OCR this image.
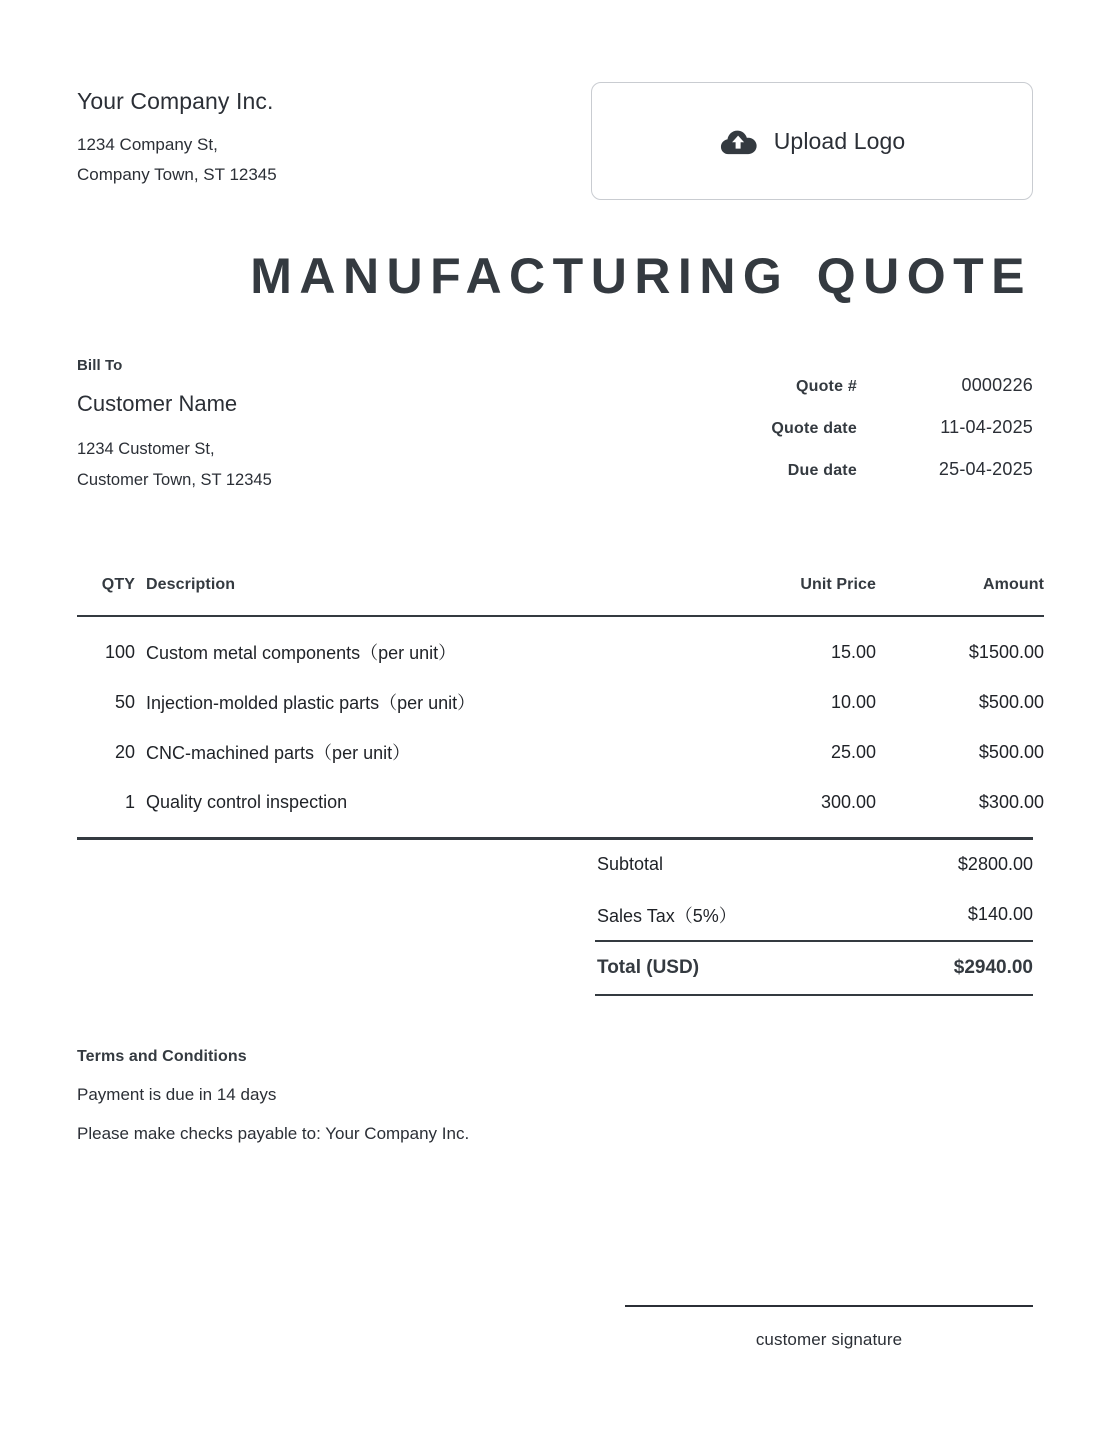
Your Company Inc.
1234 Company St,
Company Town, ST 12345
Upload Logo
MANUFACTURING QUOTE
Bill To
Customer Name
1234 Customer St,
Customer Town, ST 12345
Quote #	0000226
Quote date	11-04-2025
Due date	25-04-2025
QTY	Description	Unit Price	Amount
100	Custom metal components（per unit）	15.00	$1500.00
50	Injection-molded plastic parts（per unit）	10.00	$500.00
20	CNC-machined parts（per unit）	25.00	$500.00
1	Quality control inspection	300.00	$300.00
Subtotal	$2800.00
Sales Tax（5%）	$140.00
Total (USD)	$2940.00
Terms and Conditions
Payment is due in 14 days
Please make checks payable to: Your Company Inc.
customer signature
